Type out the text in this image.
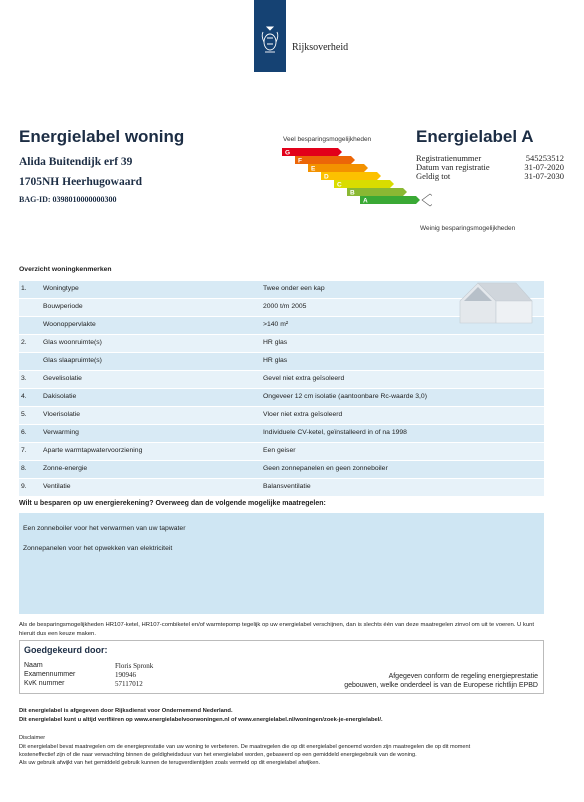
Rijksoverheid
Energielabel woning
Alida Buitendijk erf 39
1705NH Heerhugowaard
BAG-ID: 0398010000000300
Veel besparingsmogelijkheden
G
F
E
D
C
B
A
Weinig besparingsmogelijkheden
Energielabel A
Registratienummer	545253512
Datum van registratie	31-07-2020
Geldig tot	31-07-2030
Overzicht woningkenmerken
1. Woningtype	Twee onder een kap
Bouwperiode	2000 t/m 2005
Woonoppervlakte	>140 m²
2. Glas woonruimte(s)	HR glas
Glas slaapruimte(s)	HR glas
3. Gevelisolatie	Gevel niet extra geïsoleerd
4. Dakisolatie	Ongeveer 12 cm isolatie (aantoonbare Rc-waarde 3,0)
5. Vloerisolatie	Vloer niet extra geïsoleerd
6. Verwarming	Individuele CV-ketel, geïnstalleerd in of na 1998
7. Aparte warmtapwatervoorziening	Een geiser
8. Zonne-energie	Geen zonnepanelen en geen zonneboiler
9. Ventilatie	Balansventilatie
Wilt u besparen op uw energierekening? Overweeg dan de volgende mogelijke maatregelen:
Een zonneboiler voor het verwarmen van uw tapwater
Zonnepanelen voor het opwekken van elektriciteit
Als de besparingsmogelijkheden HR107-ketel, HR107-combiketel en/of warmtepomp tegelijk op uw energielabel verschijnen, dan is slechts één van deze maatregelen zinvol om uit te voeren. U kunt hieruit dus een keuze maken.
Goedgekeurd door:
Naam	Floris Spronk
Examennummer	190946
KvK nummer	57117012
Afgegeven conform de regeling energieprestatie
gebouwen, welke onderdeel is van de Europese richtlijn EPBD
Dit energielabel is afgegeven door Rijksdienst voor Ondernemend Nederland.
Dit energielabel kunt u altijd verifiëren op www.energielabelvoorwoningen.nl of www.energielabel.nl/woningen/zoek-je-energielabel/.
Disclaimer
Dit energielabel bevat maatregelen om de energieprestatie van uw woning te verbeteren. De maatregelen die op dit energielabel genoemd worden zijn maatregelen die op dit moment
kosteneffectief zijn of die naar verwachting binnen de geldigheidsduur van het energielabel worden, gebaseerd op een gemiddeld energiegebruik van de woning.
Als uw gebruik afwijkt van het gemiddeld gebruik kunnen de terugverdientijden zoals vermeld op dit energielabel afwijken.
